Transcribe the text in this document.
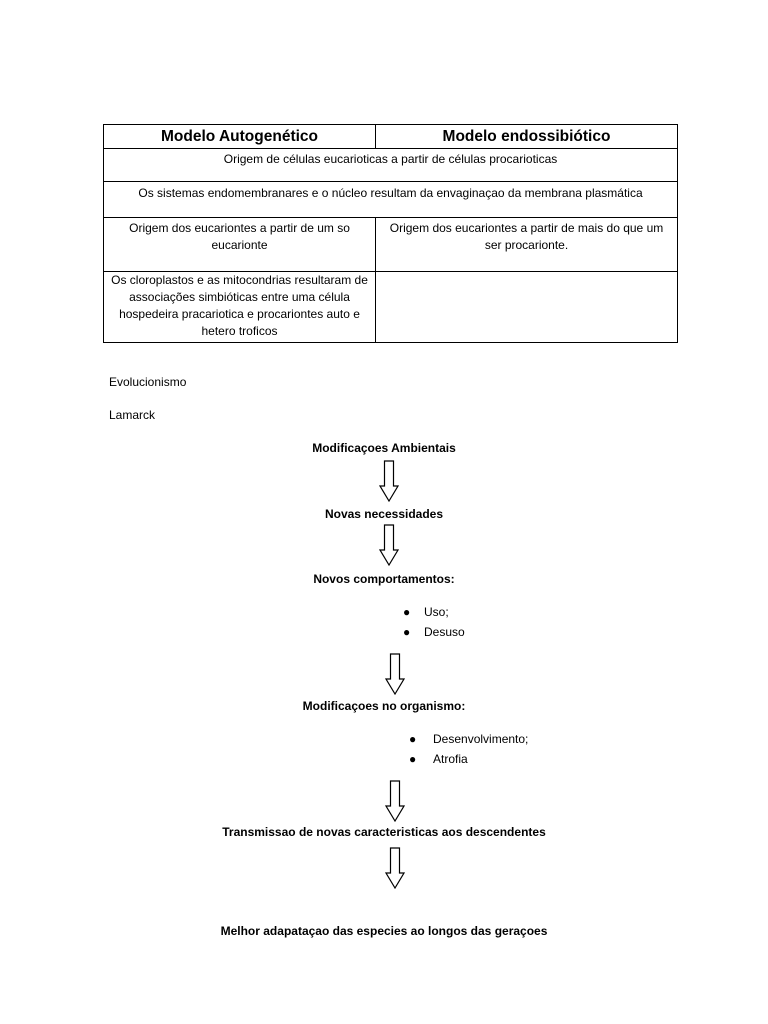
Modelo Autogenético	Modelo endossibiótico
Origem de células eucarioticas a partir de células procarioticas	
Os sistemas endomembranares e o núcleo resultam da envaginaçao da membrana plasmática	
Origem dos eucariontes a partir de um so eucarionte	Origem dos eucariontes a partir de mais do que um ser procarionte.
Os cloroplastos e as mitocondrias resultaram de associações simbióticas entre uma célula hospedeira pracariotica e procariontes auto e hetero troficos	
Evolucionismo
Lamarck
Modificaçoes Ambientais
Novas necessidades
Novos comportamentos:
●	Uso;
●	Desuso
Modificaçoes no organismo:
●	Desenvolvimento;
●	Atrofia
Transmissao de novas caracteristicas aos descendentes
Melhor adapataçao das especies ao longos das geraçoes
